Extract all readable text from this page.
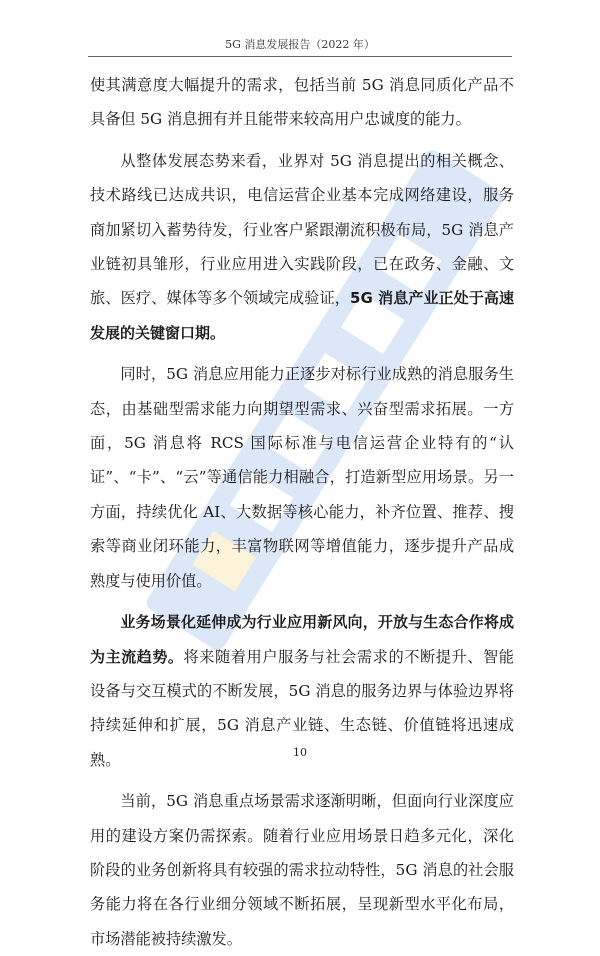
5G 消息发展报告（2022 年）

使其满意度大幅提升的需求，包括当前 5G 消息同质化产品不具备但 5G 消息拥有并且能带来较高用户忠诚度的能力。

从整体发展态势来看，业界对 5G 消息提出的相关概念、技术路线已达成共识，电信运营企业基本完成网络建设，服务商加紧切入蓄势待发，行业客户紧跟潮流积极布局，5G 消息产业链初具雏形，行业应用进入实践阶段，已在政务、金融、文旅、医疗、媒体等多个领域完成验证，5G 消息产业正处于高速发展的关键窗口期。

同时，5G 消息应用能力正逐步对标行业成熟的消息服务生态，由基础型需求能力向期望型需求、兴奋型需求拓展。一方面，5G 消息将 RCS 国际标准与电信运营企业特有的“认证”、“卡”、“云”等通信能力相融合，打造新型应用场景。另一方面，持续优化 AI、大数据等核心能力，补齐位置、推荐、搜索等商业闭环能力，丰富物联网等增值能力，逐步提升产品成熟度与使用价值。

业务场景化延伸成为行业应用新风向，开放与生态合作将成为主流趋势。将来随着用户服务与社会需求的不断提升、智能设备与交互模式的不断发展，5G 消息的服务边界与体验边界将持续延伸和扩展，5G 消息产业链、生态链、价值链将迅速成熟。

当前，5G 消息重点场景需求逐渐明晰，但面向行业深度应用的建设方案仍需探索。随着行业应用场景日趋多元化，深化阶段的业务创新将具有较强的需求拉动特性，5G 消息的社会服务能力将在各行业细分领域不断拓展，呈现新型水平化布局，市场潜能被持续激发。

10
